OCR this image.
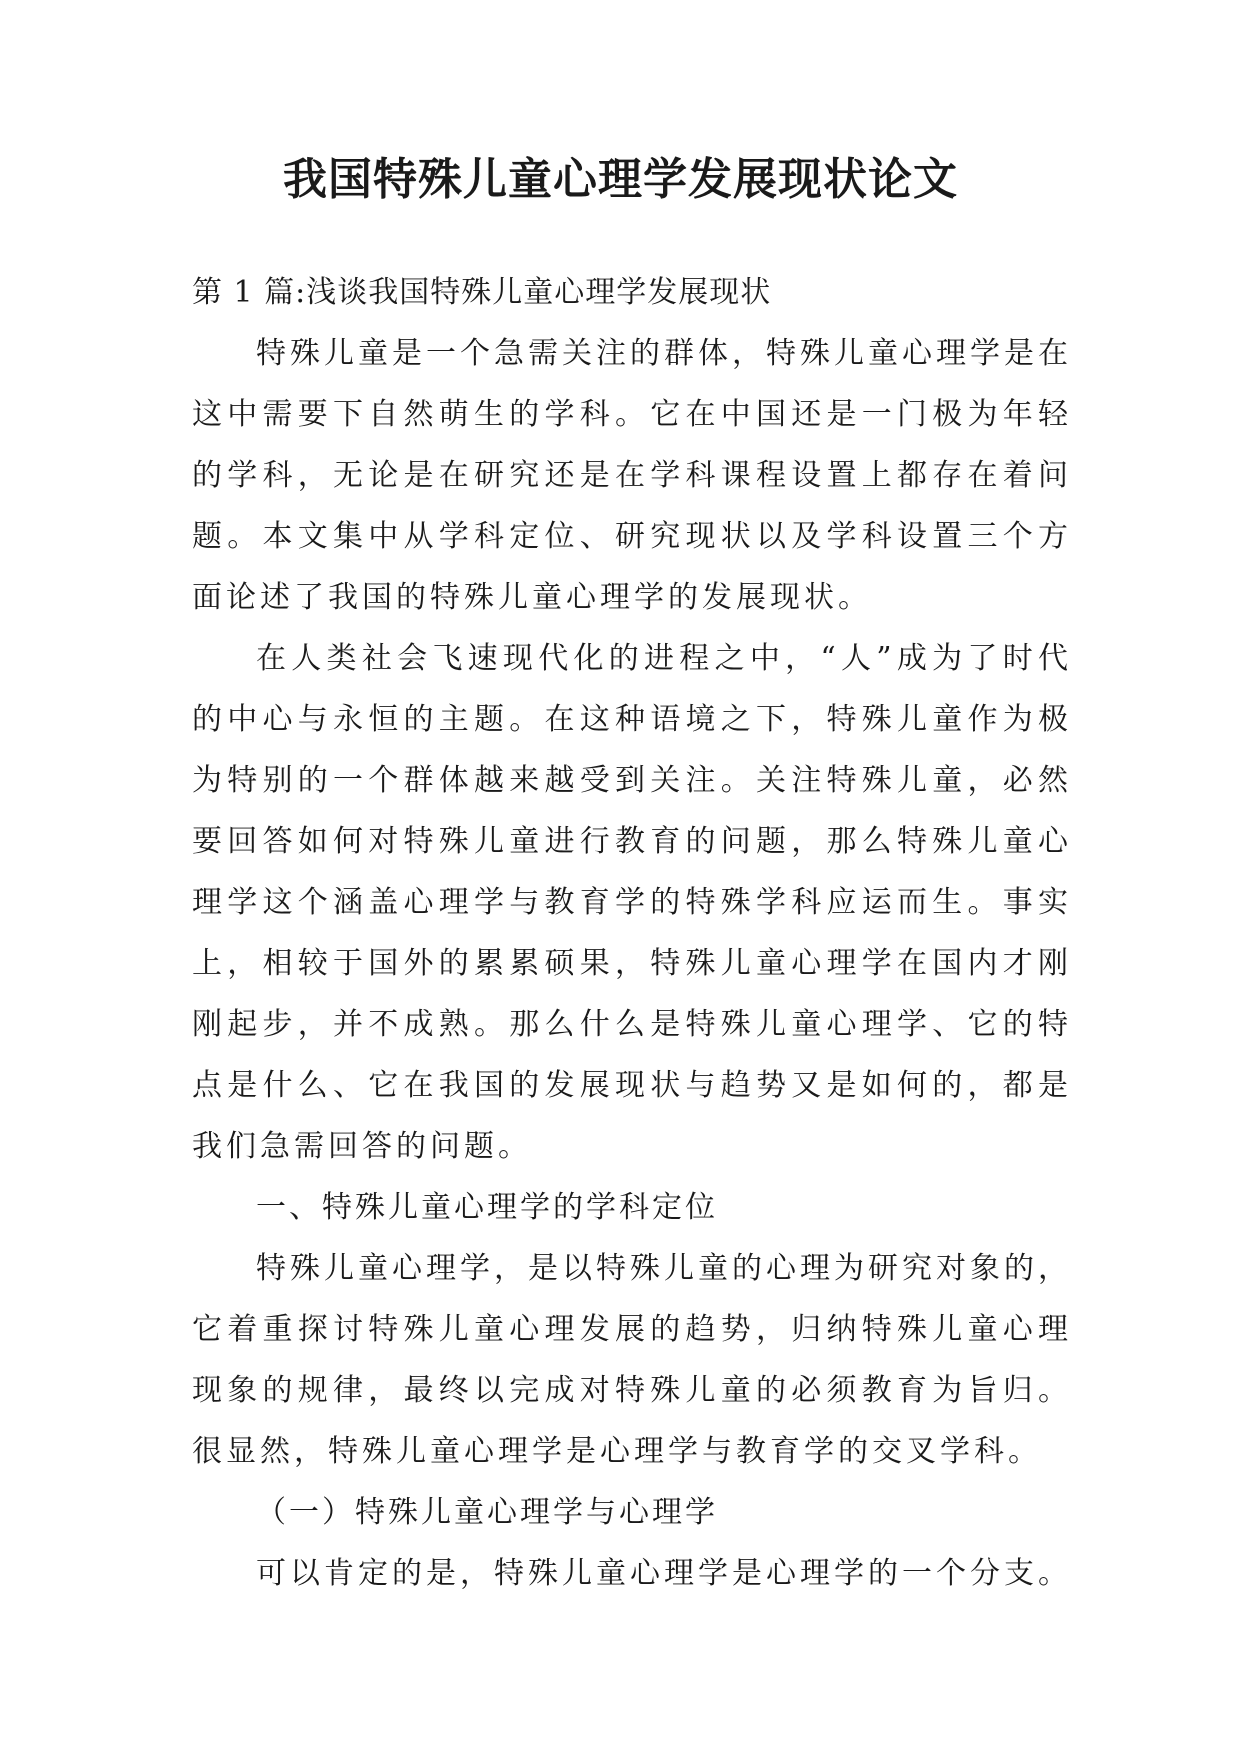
我国特殊儿童心理学发展现状论文

第 1 篇:浅谈我国特殊儿童心理学发展现状

特殊儿童是一个急需关注的群体，特殊儿童心理学是在这中需要下自然萌生的学科。它在中国还是一门极为年轻的学科，无论是在研究还是在学科课程设置上都存在着问题。本文集中从学科定位、研究现状以及学科设置三个方面论述了我国的特殊儿童心理学的发展现状。

在人类社会飞速现代化的进程之中，“人”成为了时代的中心与永恒的主题。在这种语境之下，特殊儿童作为极为特别的一个群体越来越受到关注。关注特殊儿童，必然要回答如何对特殊儿童进行教育的问题，那么特殊儿童心理学这个涵盖心理学与教育学的特殊学科应运而生。事实上，相较于国外的累累硕果，特殊儿童心理学在国内才刚刚起步，并不成熟。那么什么是特殊儿童心理学、它的特点是什么、它在我国的发展现状与趋势又是如何的，都是我们急需回答的问题。

一、特殊儿童心理学的学科定位

特殊儿童心理学，是以特殊儿童的心理为研究对象的，它着重探讨特殊儿童心理发展的趋势，归纳特殊儿童心理现象的规律，最终以完成对特殊儿童的必须教育为旨归。很显然，特殊儿童心理学是心理学与教育学的交叉学科。

（一）特殊儿童心理学与心理学

可以肯定的是，特殊儿童心理学是心理学的一个分支。
